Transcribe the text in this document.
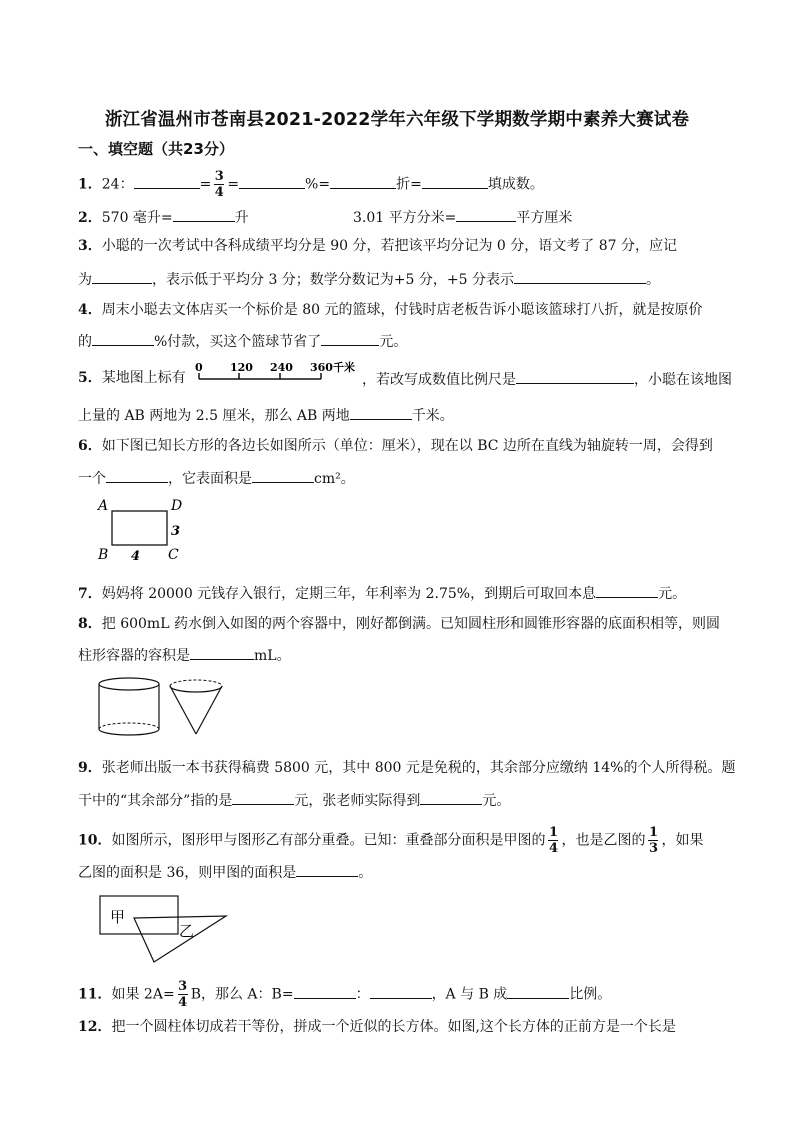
浙江省温州市苍南县2021-2022学年六年级下学期数学期中素养大赛试卷
一、填空题（共23分）
1．24：	= $\frac{3}{4}$ =	%=	折=	填成数。
2．570 毫升=	升	3.01 平方分米=	平方厘米
3．小聪的一次考试中各科成绩平均分是 90 分，若把该平均分记为 0 分，语文考了 87 分，应记
为	，表示低于平均分 3 分；数学分数记为+5 分，+5 分表示	。
4．周末小聪去文体店买一个标价是 80 元的篮球，付钱时店老板告诉小聪该篮球打八折，就是按原价
的	%付款，买这个篮球节省了	元。
5．某地图上标有
0 120 240 360千米
，若改写成数值比例尺是	，小聪在该地图
上量的 AB 两地为 2.5 厘米，那么 AB 两地	千米。
6．如下图已知长方形的各边长如图所示（单位：厘米），现在以 BC 边所在直线为轴旋转一周，会得到
一个	，它表面积是	cm²。
A	D
B	C
3
4
7．妈妈将 20000 元钱存入银行，定期三年，年利率为 2.75%，到期后可取回本息	元。
8．把 600mL 药水倒入如图的两个容器中，刚好都倒满。已知圆柱形和圆锥形容器的底面积相等，则圆
柱形容器的容积是	mL。
9．张老师出版一本书获得稿费 5800 元，其中 800 元是免税的，其余部分应缴纳 14%的个人所得税。题
干中的“其余部分”指的是	元，张老师实际得到	元。
10．如图所示，图形甲与图形乙有部分重叠。已知：重叠部分面积是甲图的 $\frac{1}{4}$ ，也是乙图的 $\frac{1}{3}$ ，如果
乙图的面积是 36，则甲图的面积是	。
甲
乙
11．如果 $2A= \frac{3}{4}$ B，那么 A：B=	：	，A 与 B 成	比例。
12．把一个圆柱体切成若干等份，拼成一个近似的长方体。如图,这个长方体的正前方是一个长是
